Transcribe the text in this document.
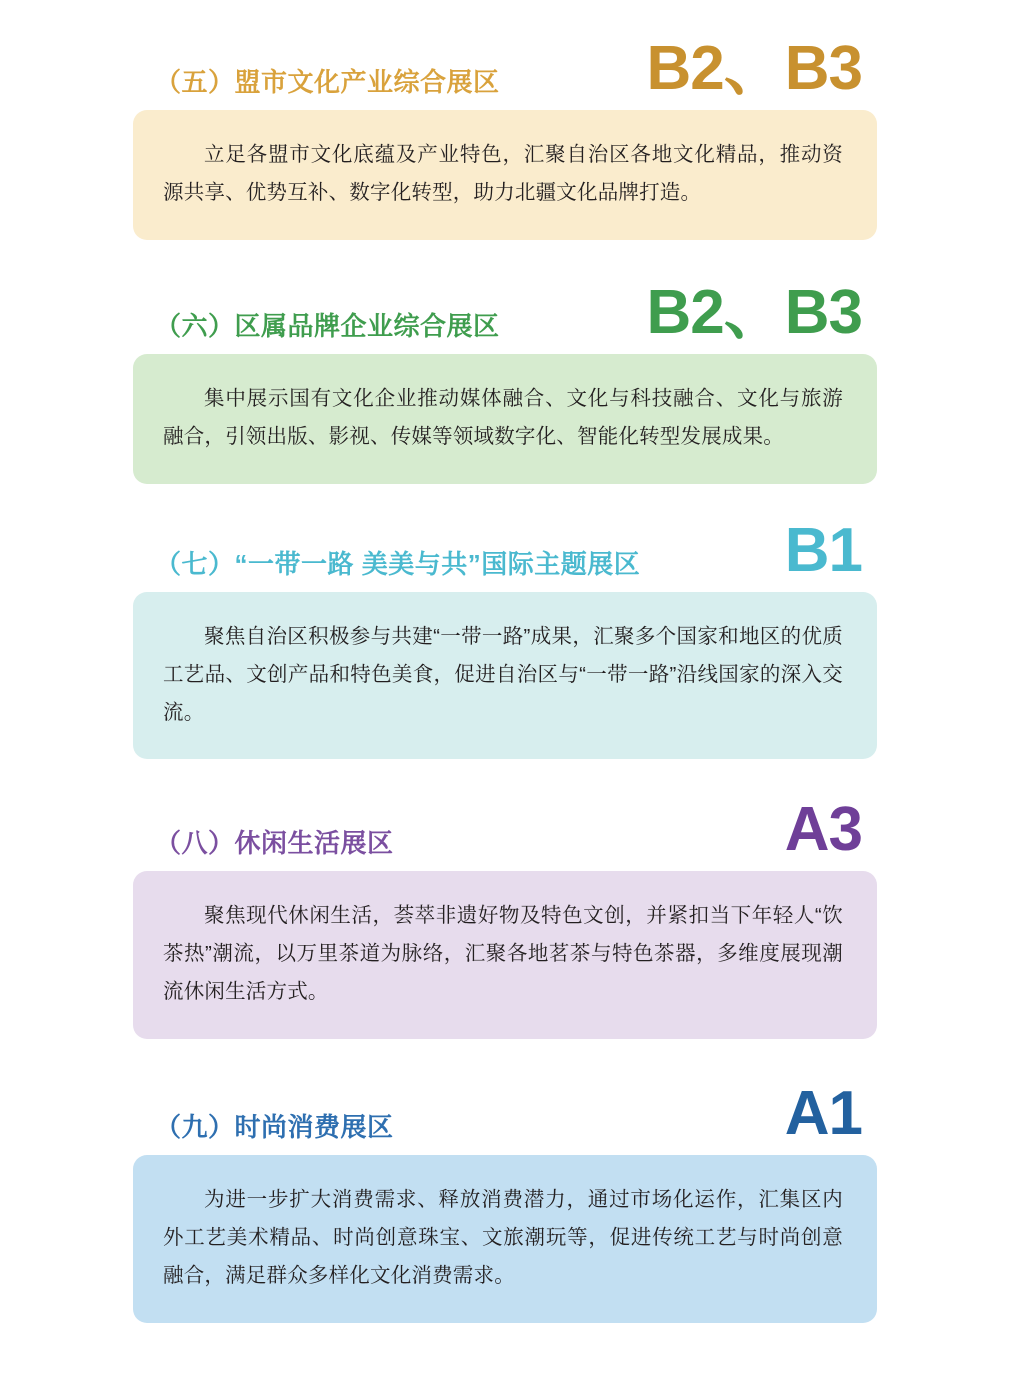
（五）盟市文化产业综合展区 B2、B3

立足各盟市文化底蕴及产业特色，汇聚自治区各地文化精品，推动资源共享、优势互补、数字化转型，助力北疆文化品牌打造。

（六）区属品牌企业综合展区 B2、B3

集中展示国有文化企业推动媒体融合、文化与科技融合、文化与旅游融合，引领出版、影视、传媒等领域数字化、智能化转型发展成果。

（七）“一带一路 美美与共”国际主题展区 B1

聚焦自治区积极参与共建“一带一路”成果，汇聚多个国家和地区的优质工艺品、文创产品和特色美食，促进自治区与“一带一路”沿线国家的深入交流。

（八）休闲生活展区	A3

聚焦现代休闲生活，荟萃非遗好物及特色文创，并紧扣当下年轻人“饮茶热”潮流，以万里茶道为脉络，汇聚各地茗茶与特色茶器，多维度展现潮流休闲生活方式。

（九）时尚消费展区	A1

为进一步扩大消费需求、释放消费潜力，通过市场化运作，汇集区内外工艺美术精品、时尚创意珠宝、文旅潮玩等，促进传统工艺与时尚创意融合，满足群众多样化文化消费需求。
